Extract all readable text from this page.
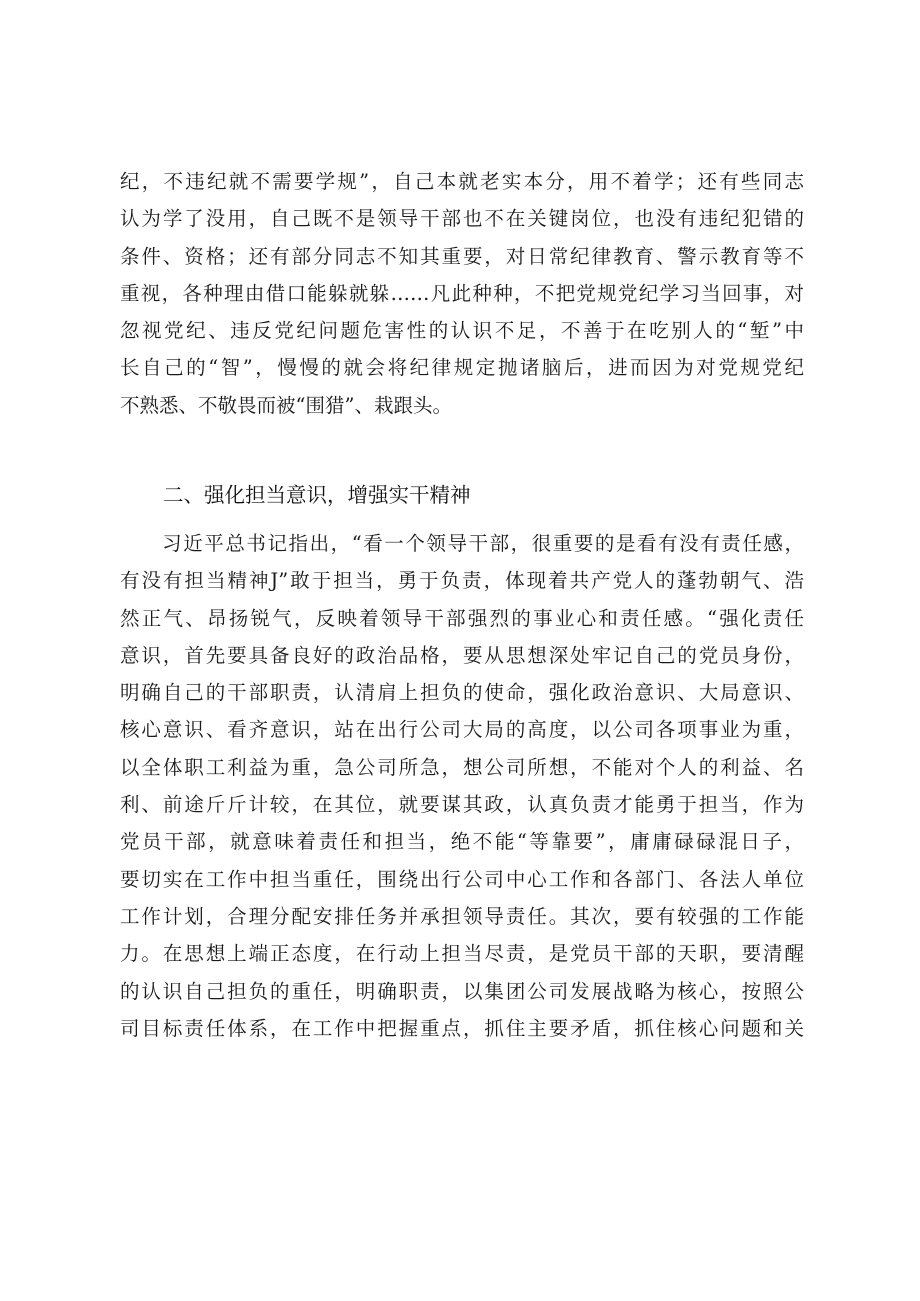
纪，不违纪就不需要学规”，自己本就老实本分，用不着学；还有些同志
认为学了没用，自己既不是领导干部也不在关键岗位，也没有违纪犯错的
条件、资格；还有部分同志不知其重要，对日常纪律教育、警示教育等不
重视，各种理由借口能躲就躲……凡此种种，不把党规党纪学习当回事，对
忽视党纪、违反党纪问题危害性的认识不足，不善于在吃别人的“堑”中
长自己的“智”，慢慢的就会将纪律规定抛诸脑后，进而因为对党规党纪
不熟悉、不敬畏而被“围猎”、栽跟头。
二、强化担当意识，增强实干精神
　　习近平总书记指出，“看一个领导干部，很重要的是看有没有责任感，
有没有担当精神J”敢于担当，勇于负责，体现着共产党人的蓬勃朝气、浩
然正气、昂扬锐气，反映着领导干部强烈的事业心和责任感。“强化责任
意识，首先要具备良好的政治品格，要从思想深处牢记自己的党员身份，
明确自己的干部职责，认清肩上担负的使命，强化政治意识、大局意识、
核心意识、看齐意识，站在出行公司大局的高度，以公司各项事业为重，
以全体职工利益为重，急公司所急，想公司所想，不能对个人的利益、名
利、前途斤斤计较，在其位，就要谋其政，认真负责才能勇于担当，作为
党员干部，就意味着责任和担当，绝不能“等靠要”，庸庸碌碌混日子，
要切实在工作中担当重任，围绕出行公司中心工作和各部门、各法人单位
工作计划，合理分配安排任务并承担领导责任。其次，要有较强的工作能
力。在思想上端正态度，在行动上担当尽责，是党员干部的天职，要清醒
的认识自己担负的重任，明确职责，以集团公司发展战略为核心，按照公
司目标责任体系，在工作中把握重点，抓住主要矛盾，抓住核心问题和关
